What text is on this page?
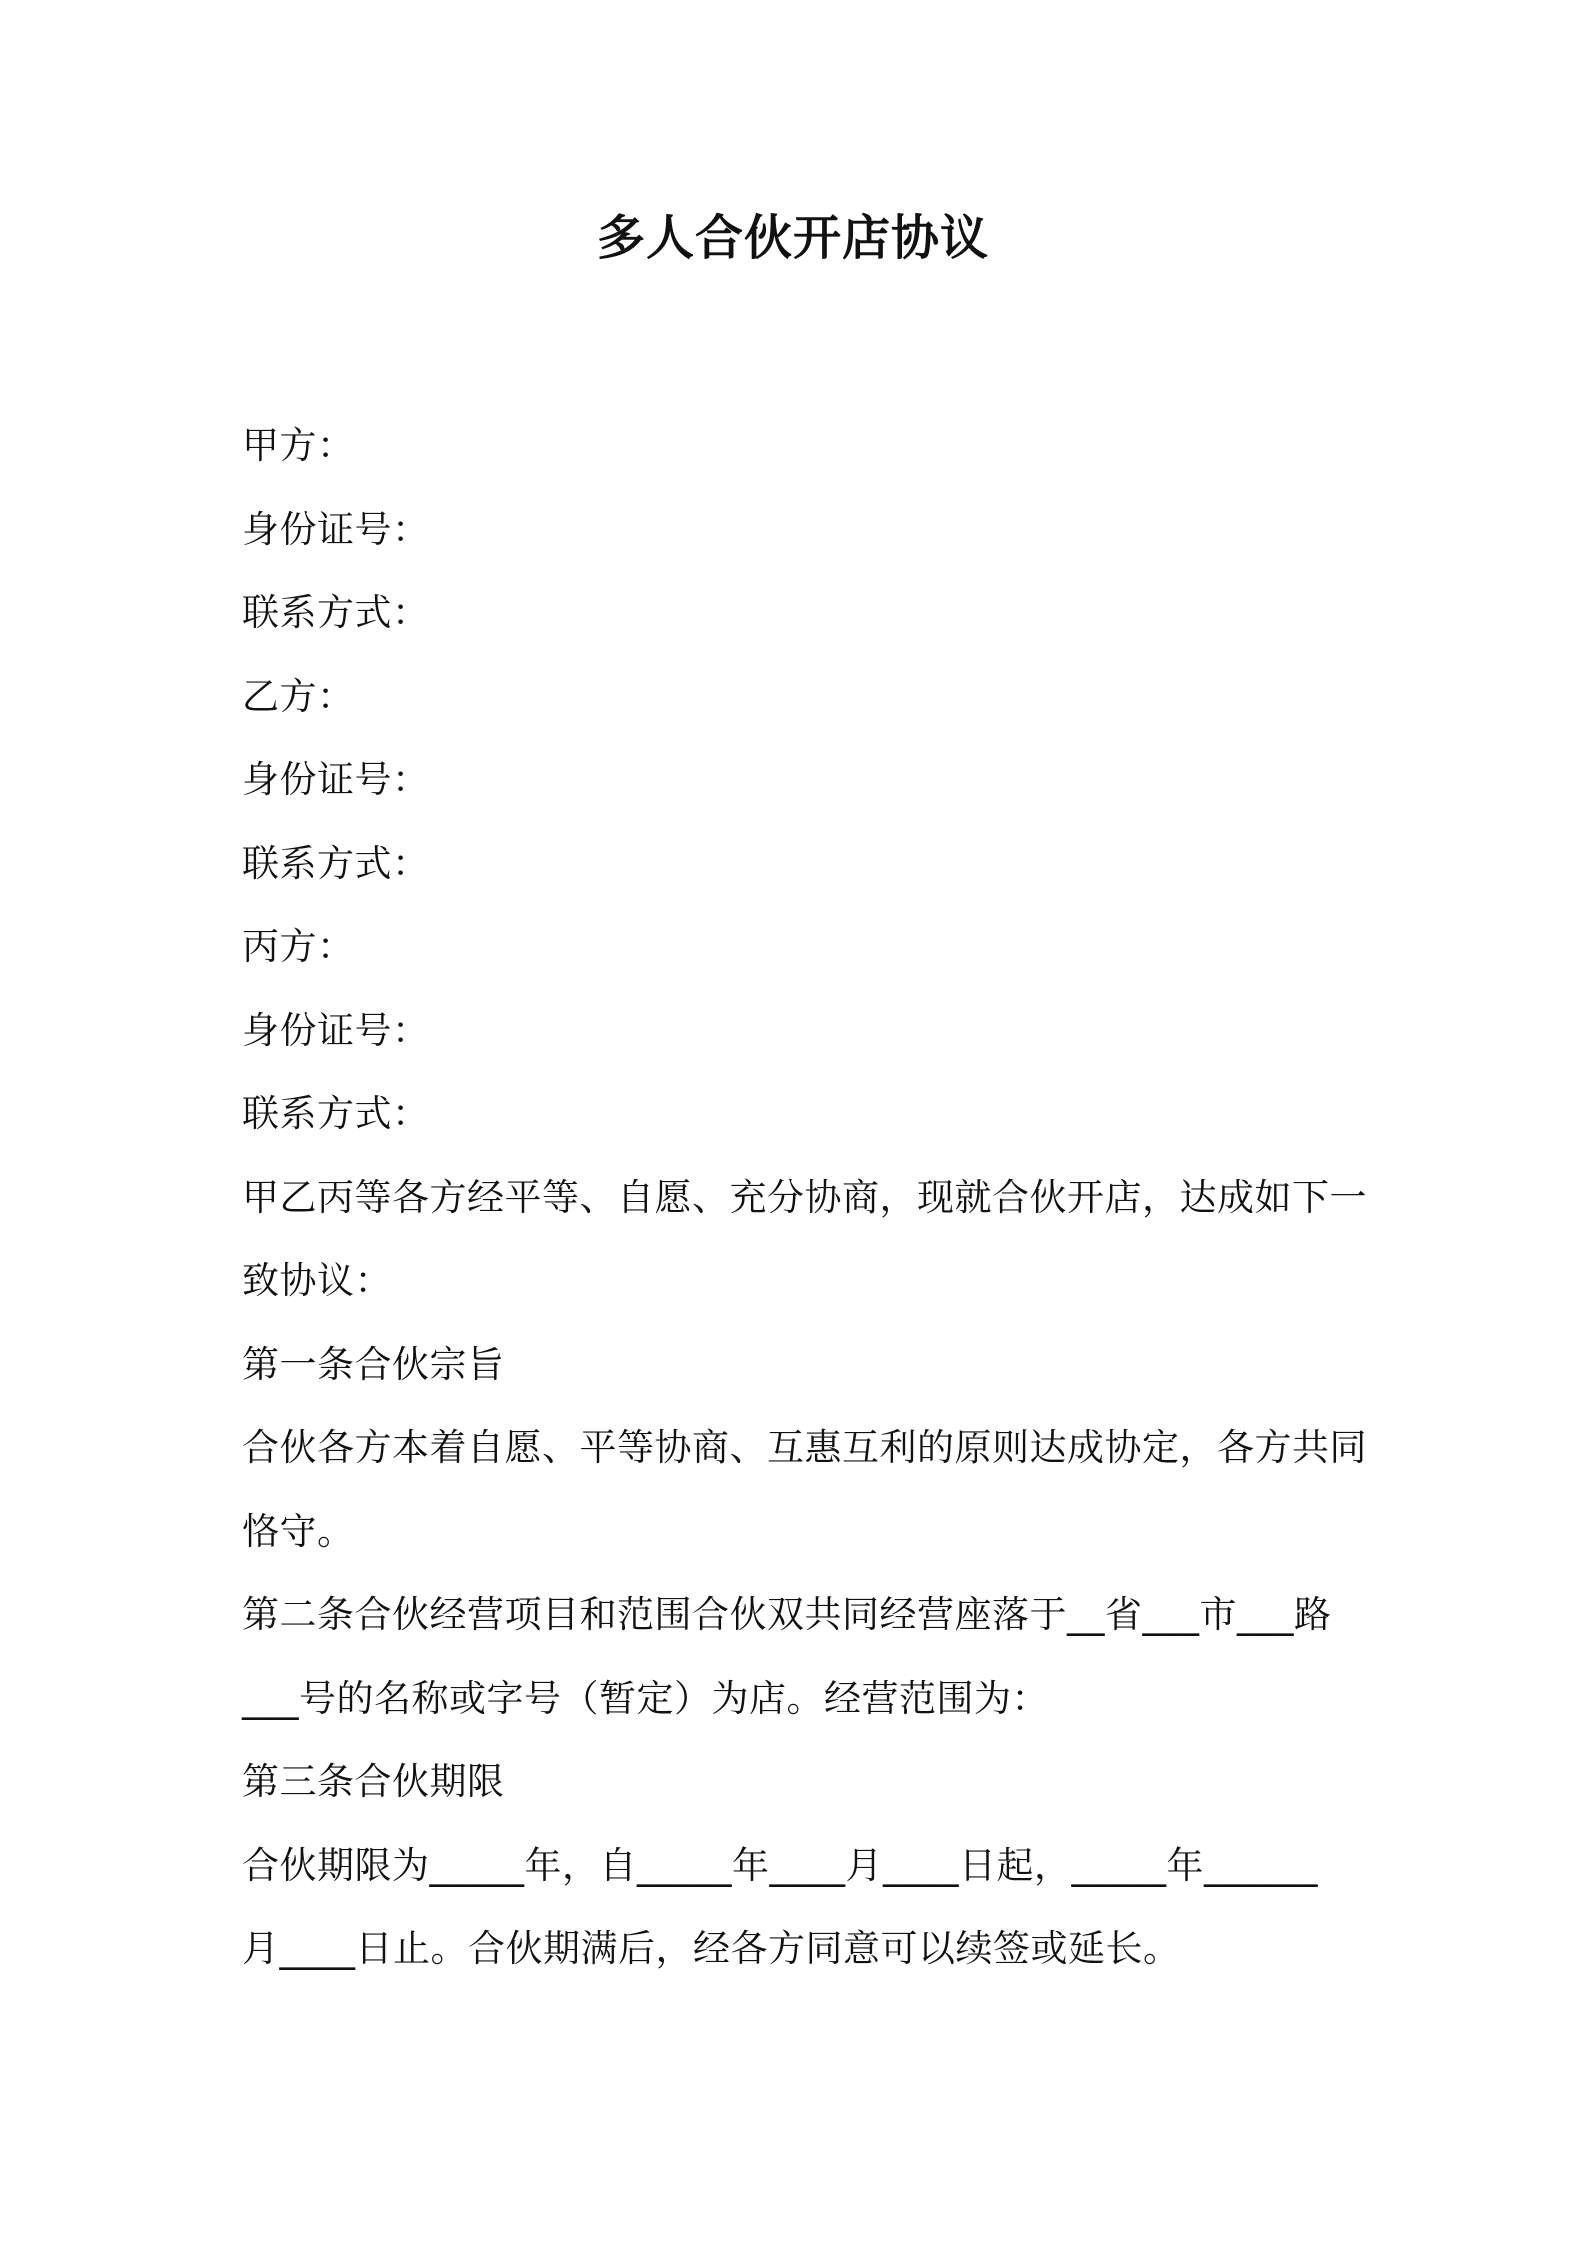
多人合伙开店协议

甲方：

身份证号：

联系方式：

乙方：

身份证号：

联系方式：

丙方：

身份证号：

联系方式：

甲乙丙等各方经平等、自愿、充分协商，现就合伙开店，达成如下一

致协议：

第一条合伙宗旨

合伙各方本着自愿、平等协商、互惠互利的原则达成协定，各方共同

恪守。

第二条合伙经营项目和范围合伙双共同经营座落于__省___市___路

___号的名称或字号（暂定）为店。经营范围为：

第三条合伙期限

合伙期限为_____年，自_____年____月____日起，_____年______

月____日止。合伙期满后，经各方同意可以续签或延长。
